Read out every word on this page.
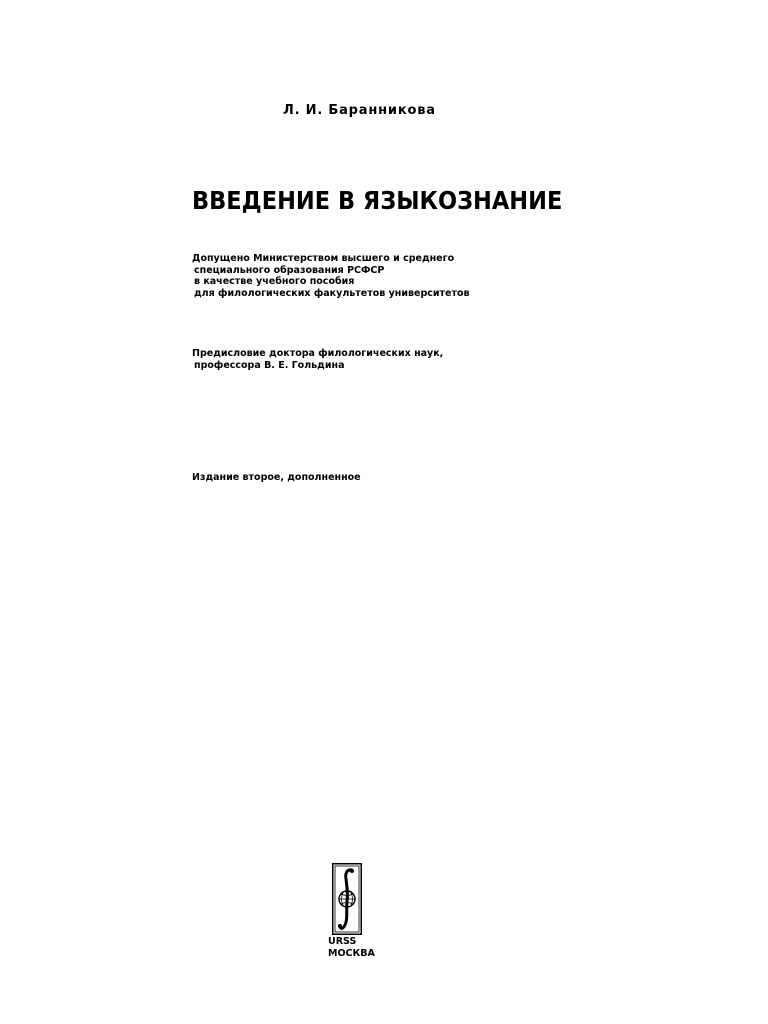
Л. И. Баранникова
ВВЕДЕНИЕ В ЯЗЫКОЗНАНИЕ
Допущено Министерством высшего и среднего
специального образования РСФСР
в качестве учебного пособия
для филологических факультетов университетов
Предисловие доктора филологических наук,
профессора В. Е. Гольдина
Издание второе, дополненное
URSS
МОСКВА
